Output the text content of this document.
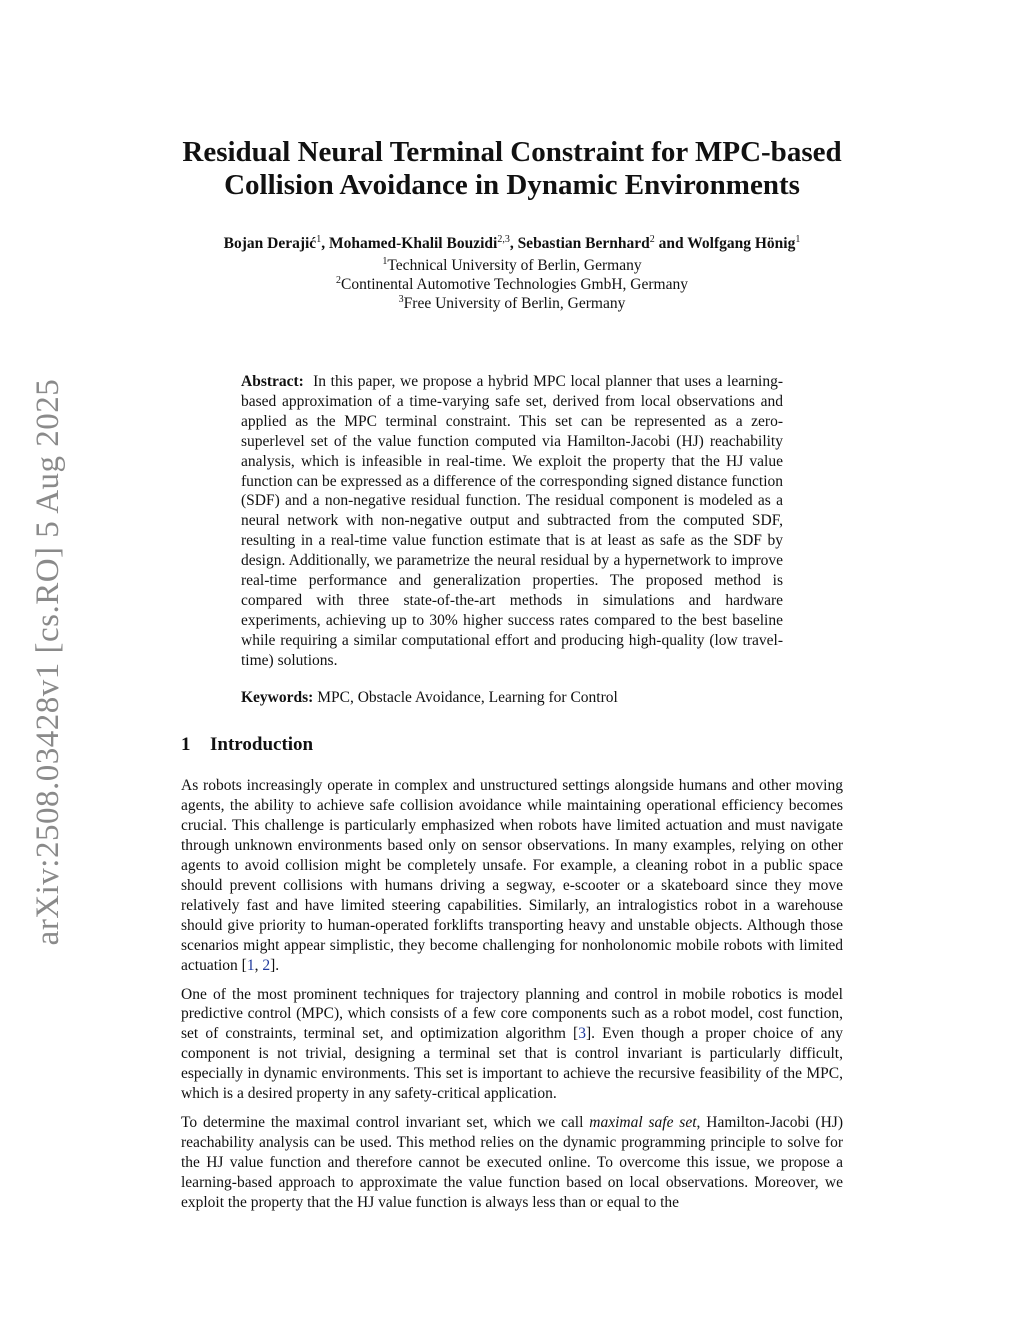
arXiv:2508.03428v1 [cs.RO] 5 Aug 2025
Residual Neural Terminal Constraint for MPC-based
Collision Avoidance in Dynamic Environments
Bojan Derajić$^1$, Mohamed-Khalil Bouzidi$^{2,3}$, Sebastian Bernhard$^2$ and Wolfgang Hönig$^1$
$^1$Technical University of Berlin, Germany
$^2$Continental Automotive Technologies GmbH, Germany
$^3$Free University of Berlin, Germany
Abstract: In this paper, we propose a hybrid MPC local planner that uses a learning-based approximation of a time-varying safe set, derived from local observations and applied as the MPC terminal constraint. This set can be represented as a zero-superlevel set of the value function computed via Hamilton-Jacobi (HJ) reachability analysis, which is infeasible in real-time. We exploit the property that the HJ value function can be expressed as a difference of the corresponding signed distance function (SDF) and a non-negative residual function. The residual component is modeled as a neural network with non-negative output and subtracted from the computed SDF, resulting in a real-time value function estimate that is at least as safe as the SDF by design. Additionally, we parametrize the neural residual by a hypernetwork to improve real-time performance and generalization properties. The proposed method is compared with three state-of-the-art methods in simulations and hardware experiments, achieving up to 30% higher success rates compared to the best baseline while requiring a similar computational effort and producing high-quality (low travel-time) solutions.
Keywords: MPC, Obstacle Avoidance, Learning for Control
1 Introduction

As robots increasingly operate in complex and unstructured settings alongside humans and other moving agents, the ability to achieve safe collision avoidance while maintaining operational efficiency becomes crucial. This challenge is particularly emphasized when robots have limited actuation and must navigate through unknown environments based only on sensor observations. In many examples, relying on other agents to avoid collision might be completely unsafe. For example, a cleaning robot in a public space should prevent collisions with humans driving a segway, e-scooter or a skateboard since they move relatively fast and have limited steering capabilities. Similarly, an intralogistics robot in a warehouse should give priority to human-operated forklifts transporting heavy and unstable objects. Although those scenarios might appear simplistic, they become challenging for nonholonomic mobile robots with limited actuation [1, 2].

One of the most prominent techniques for trajectory planning and control in mobile robotics is model predictive control (MPC), which consists of a few core components such as a robot model, cost function, set of constraints, terminal set, and optimization algorithm [3]. Even though a proper choice of any component is not trivial, designing a terminal set that is control invariant is particularly difficult, especially in dynamic environments. This set is important to achieve the recursive feasibility of the MPC, which is a desired property in any safety-critical application.

To determine the maximal control invariant set, which we call maximal safe set, Hamilton-Jacobi (HJ) reachability analysis can be used. This method relies on the dynamic programming principle to solve for the HJ value function and therefore cannot be executed online. To overcome this issue, we propose a learning-based approach to approximate the value function based on local observations. Moreover, we exploit the property that the HJ value function is always less than or equal to the
